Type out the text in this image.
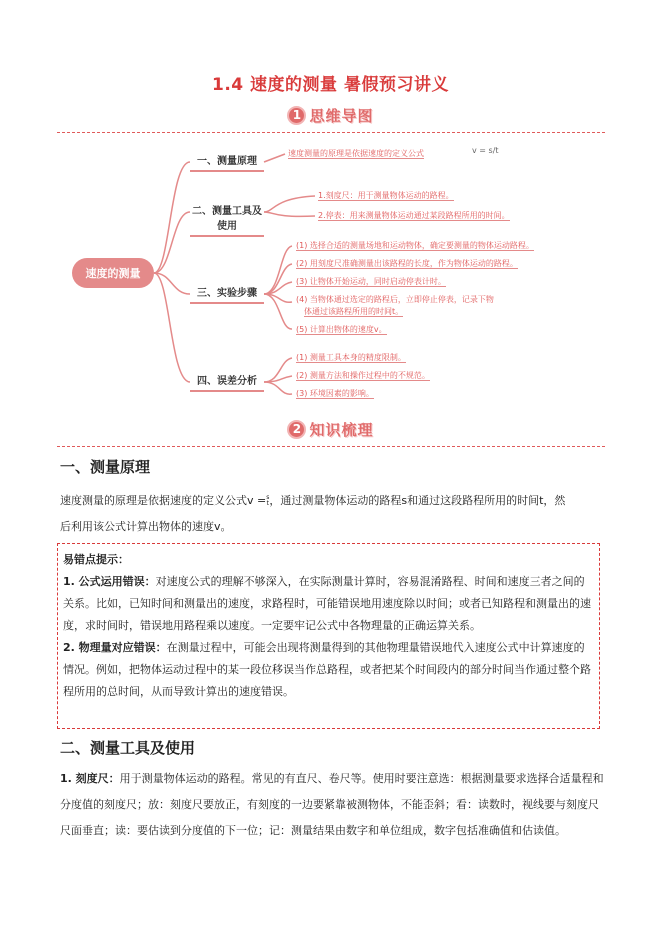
1.4 速度的测量 暑假预习讲义
1 思维导图
速度的测量
一、测量原理
二、测量工具及使用
三、实验步骤
四、误差分析
速度测量的原理是依据速度的定义公式	v = s/t
1.刻度尺：用于测量物体运动的路程。
2.停表：用来测量物体运动通过某段路程所用的时间。
(1) 选择合适的测量场地和运动物体，确定要测量的物体运动路程。
(2) 用刻度尺准确测量出该路程的长度，作为物体运动的路程。
(3) 让物体开始运动，同时启动停表计时。
(4) 当物体通过选定的路程后，立即停止停表，记录下物
体通过该路程所用的时间t。
(5) 计算出物体的速度v。
(1) 测量工具本身的精度限制。
(2) 测量方法和操作过程中的不规范。
(3) 环境因素的影响。
2 知识梳理
一、测量原理
速度测量的原理是依据速度的定义公式v =s
t，通过测量物体运动的路程s和通过这段路程所用的时间t，然
后利用该公式计算出物体的速度v。
易错点提示：
1. 公式运用错误：对速度公式的理解不够深入，在实际测量计算时，容易混淆路程、时间和速度三者之间的关系。比如，已知时间和测量出的速度，求路程时，可能错误地用速度除以时间；或者已知路程和测量出的速度，求时间时，错误地用路程乘以速度。一定要牢记公式中各物理量的正确运算关系。
2. 物理量对应错误：在测量过程中，可能会出现将测量得到的其他物理量错误地代入速度公式中计算速度的情况。例如，把物体运动过程中的某一段位移误当作总路程，或者把某个时间段内的部分时间当作通过整个路程所用的总时间，从而导致计算出的速度错误。
二、测量工具及使用
1. 刻度尺：用于测量物体运动的路程。常见的有直尺、卷尺等。使用时要注意选：根据测量要求选择合适量程和分度值的刻度尺；放：刻度尺要放正，有刻度的一边要紧靠被测物体，不能歪斜；看：读数时，视线要与刻度尺尺面垂直；读：要估读到分度值的下一位；记：测量结果由数字和单位组成，数字包括准确值和估读值。
